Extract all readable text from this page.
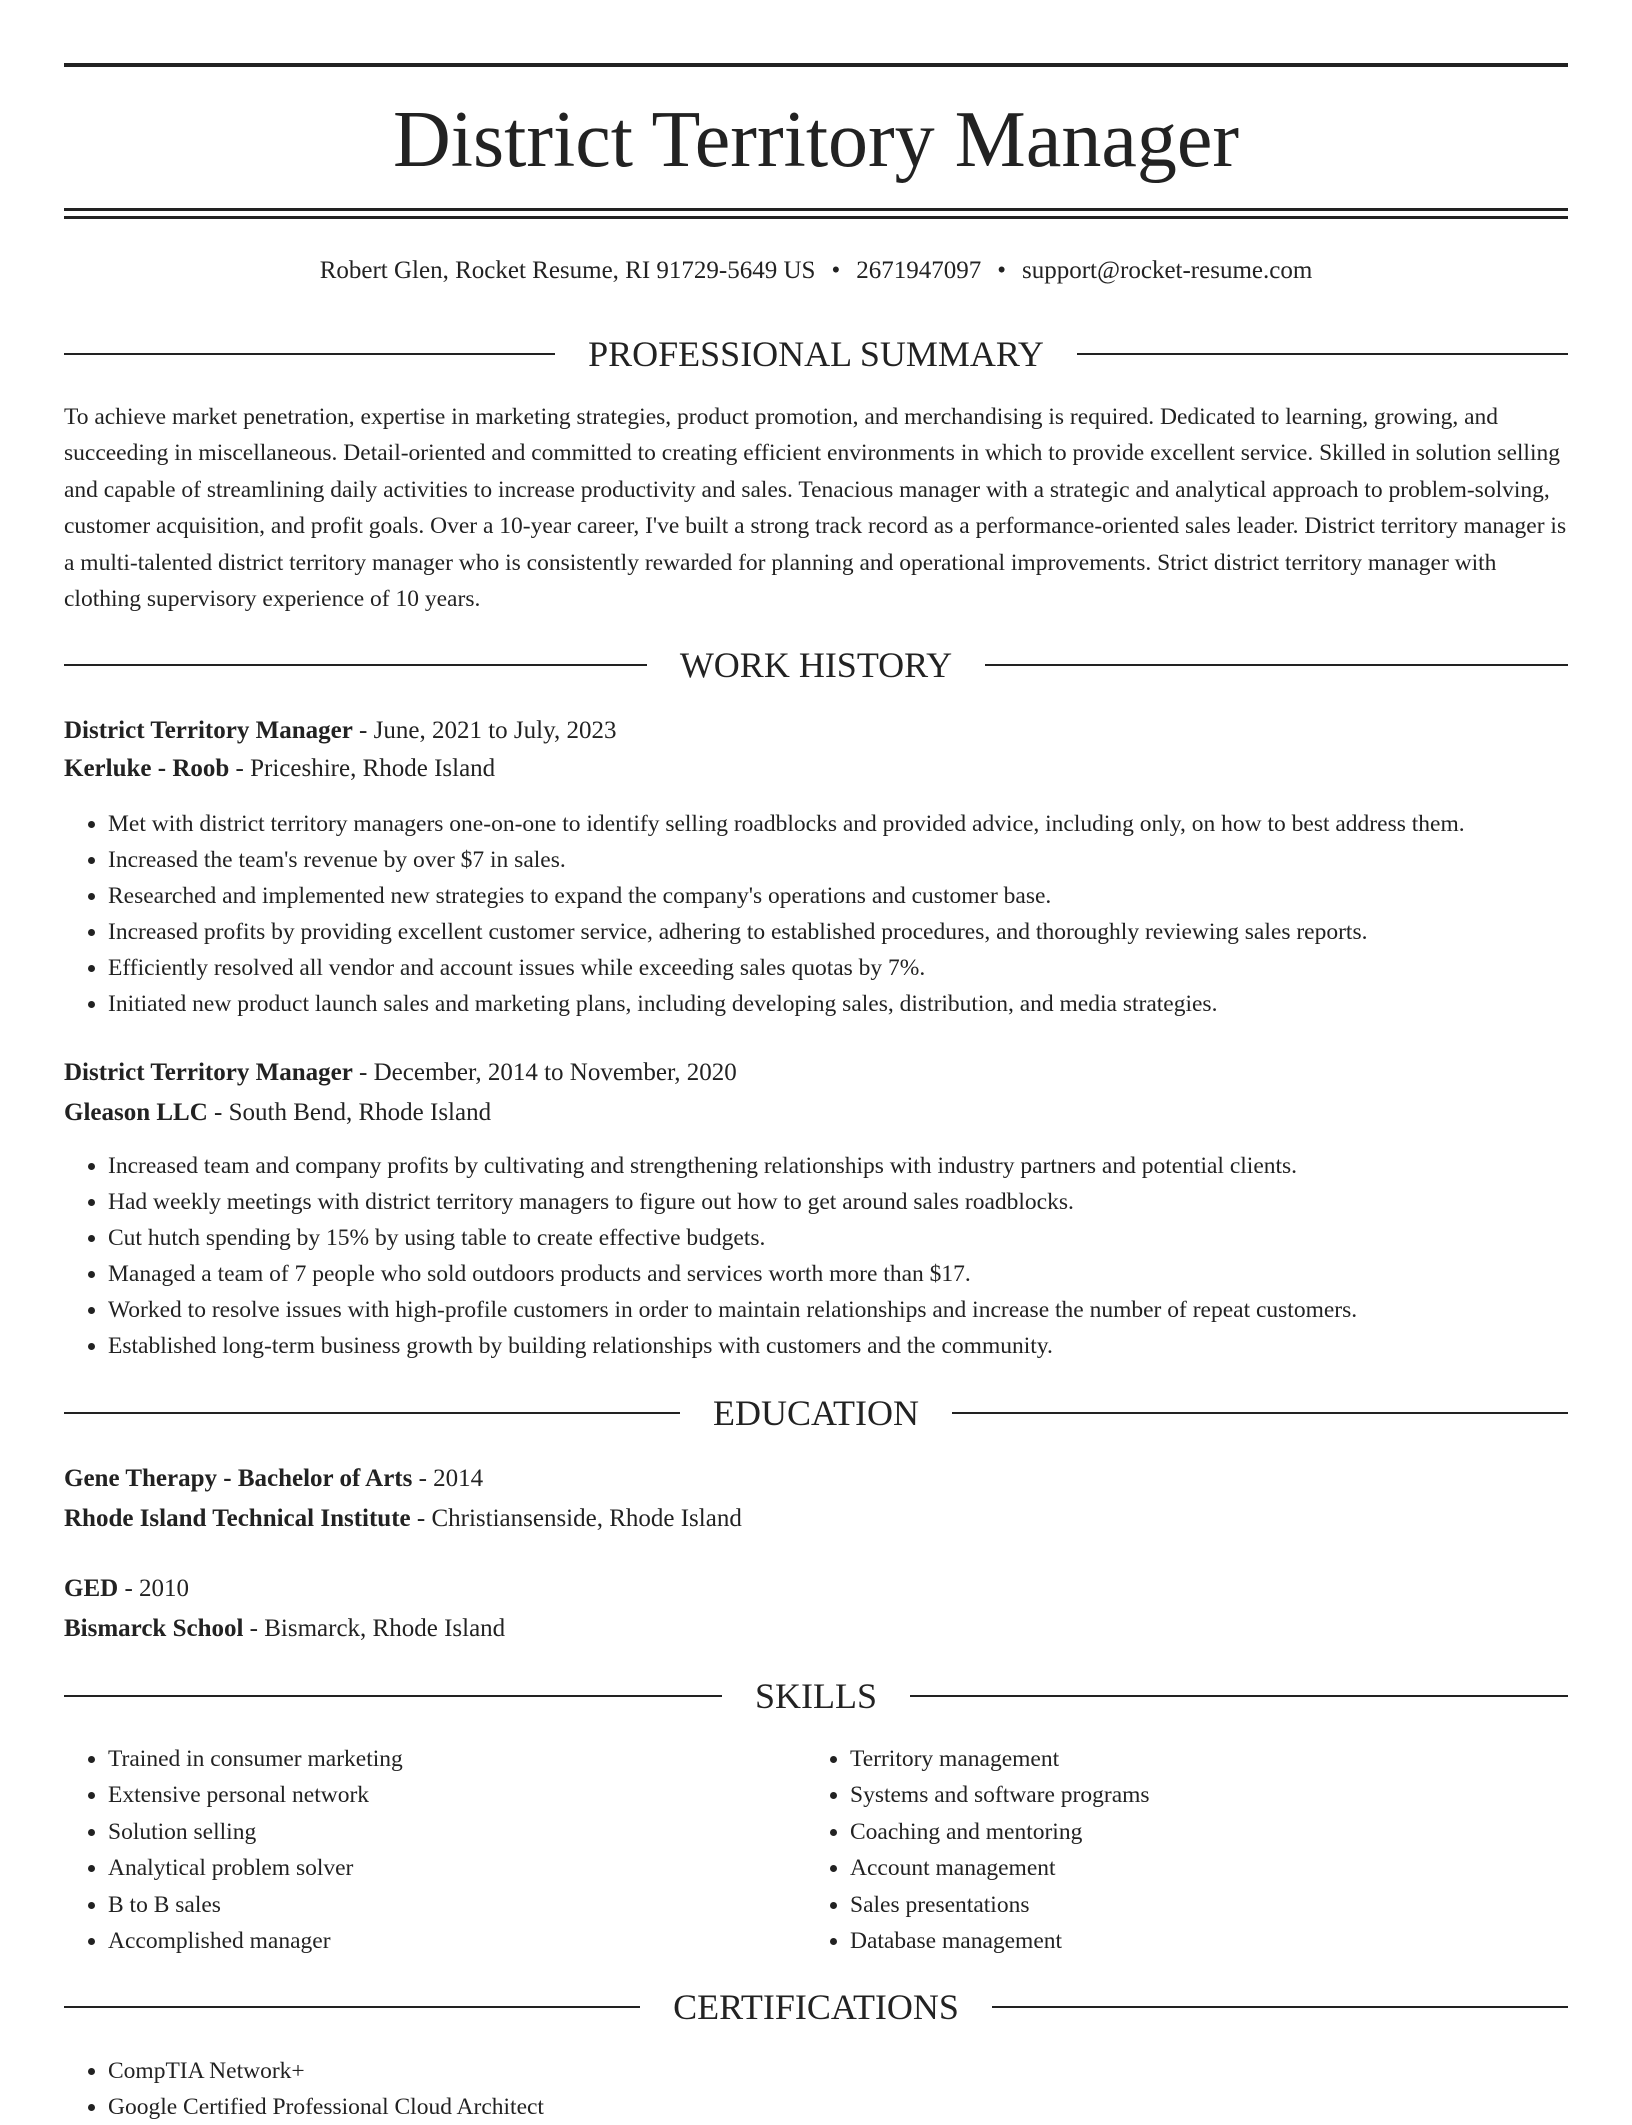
District Territory Manager
Robert Glen, Rocket Resume, RI 91729-5649 US • 2671947097 • support@rocket-resume.com
PROFESSIONAL SUMMARY
To achieve market penetration, expertise in marketing strategies, product promotion, and merchandising is required. Dedicated to learning, growing, and succeeding in miscellaneous. Detail-oriented and committed to creating efficient environments in which to provide excellent service. Skilled in solution selling and capable of streamlining daily activities to increase productivity and sales. Tenacious manager with a strategic and analytical approach to problem-solving, customer acquisition, and profit goals. Over a 10-year career, I've built a strong track record as a performance-oriented sales leader. District territory manager is a multi-talented district territory manager who is consistently rewarded for planning and operational improvements. Strict district territory manager with clothing supervisory experience of 10 years.
WORK HISTORY
District Territory Manager - June, 2021 to July, 2023
Kerluke - Roob - Priceshire, Rhode Island
• Met with district territory managers one-on-one to identify selling roadblocks and provided advice, including only, on how to best address them.
• Increased the team's revenue by over $7 in sales.
• Researched and implemented new strategies to expand the company's operations and customer base.
• Increased profits by providing excellent customer service, adhering to established procedures, and thoroughly reviewing sales reports.
• Efficiently resolved all vendor and account issues while exceeding sales quotas by 7%.
• Initiated new product launch sales and marketing plans, including developing sales, distribution, and media strategies.
District Territory Manager - December, 2014 to November, 2020
Gleason LLC - South Bend, Rhode Island
• Increased team and company profits by cultivating and strengthening relationships with industry partners and potential clients.
• Had weekly meetings with district territory managers to figure out how to get around sales roadblocks.
• Cut hutch spending by 15% by using table to create effective budgets.
• Managed a team of 7 people who sold outdoors products and services worth more than $17.
• Worked to resolve issues with high-profile customers in order to maintain relationships and increase the number of repeat customers.
• Established long-term business growth by building relationships with customers and the community.
EDUCATION
Gene Therapy - Bachelor of Arts - 2014
Rhode Island Technical Institute - Christiansenside, Rhode Island
GED - 2010
Bismarck School - Bismarck, Rhode Island
SKILLS
• Trained in consumer marketing
• Extensive personal network
• Solution selling
• Analytical problem solver
• B to B sales
• Accomplished manager
• Territory management
• Systems and software programs
• Coaching and mentoring
• Account management
• Sales presentations
• Database management
CERTIFICATIONS
• CompTIA Network+
• Google Certified Professional Cloud Architect
